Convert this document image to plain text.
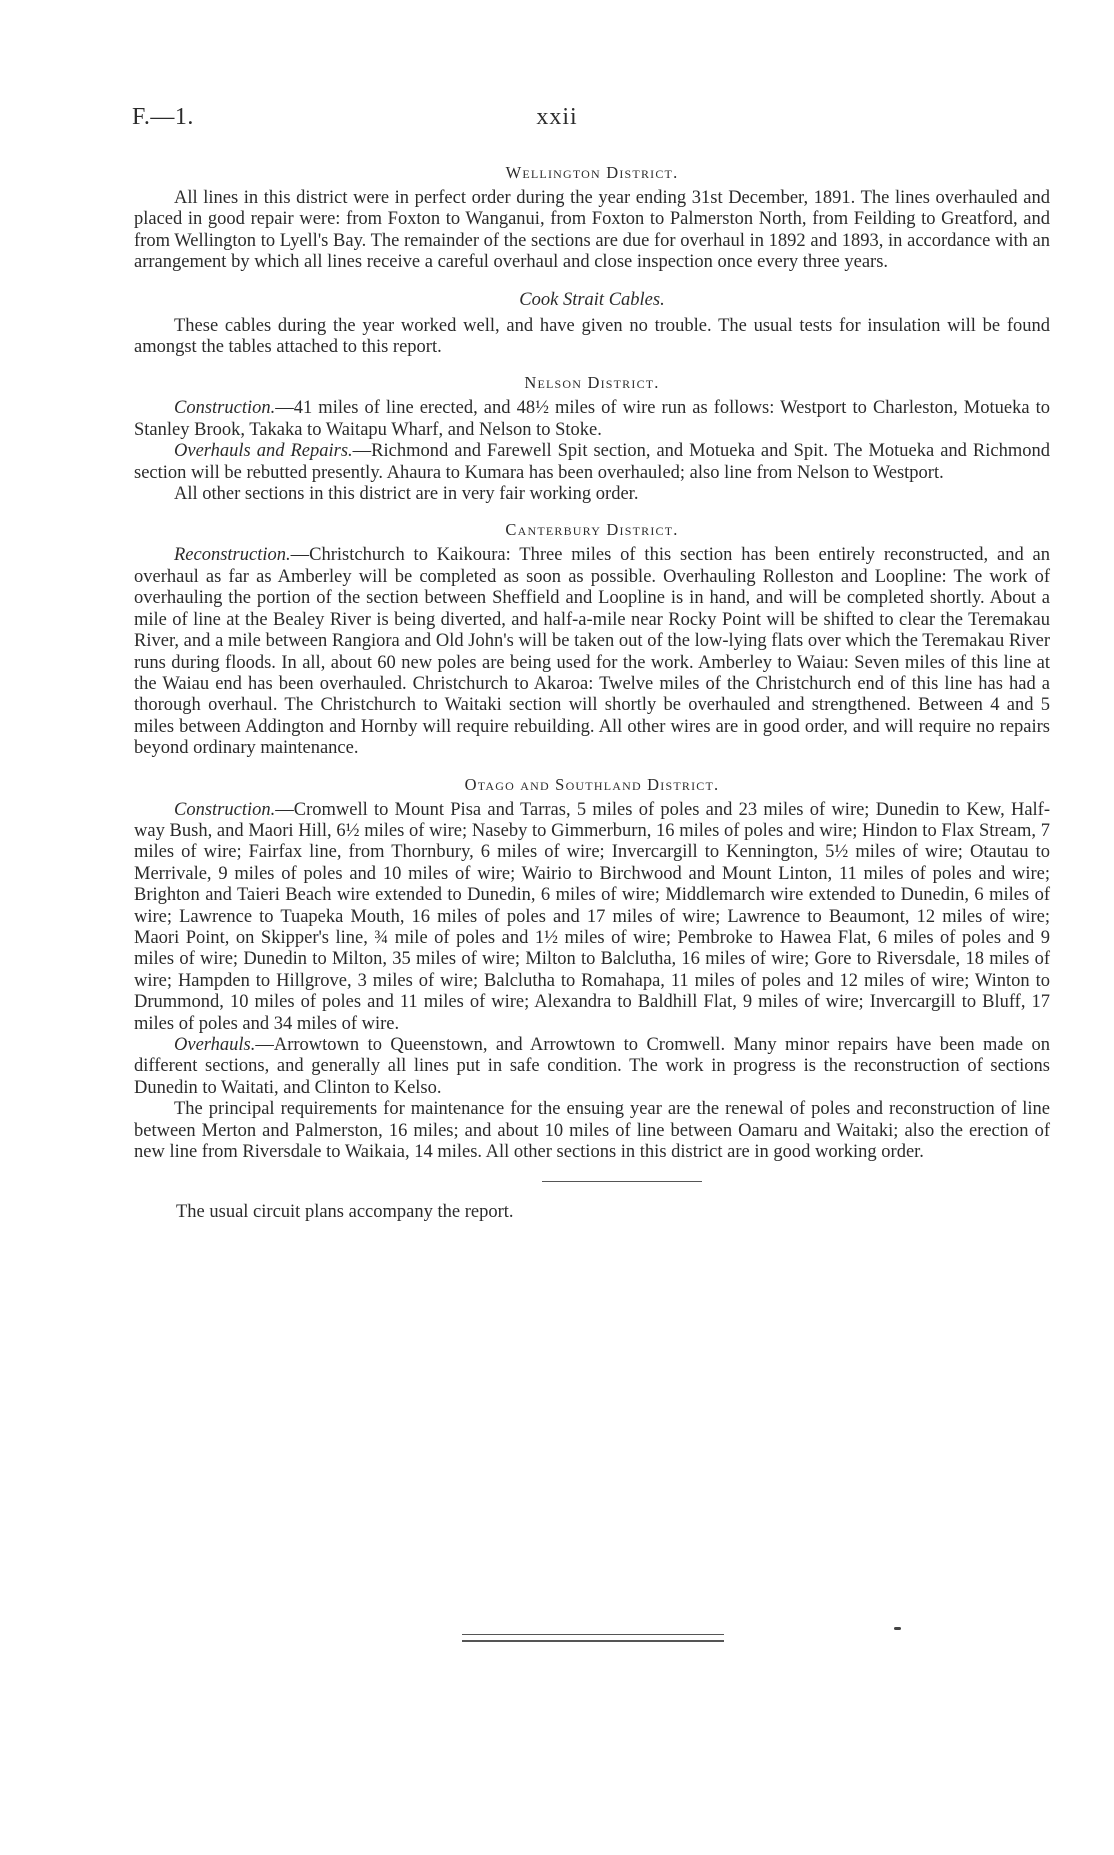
F.—1.	xxii
Wellington District.

All lines in this district were in perfect order during the year ending 31st December, 1891. The lines overhauled and placed in good repair were: from Foxton to Wanganui, from Foxton to Palmerston North, from Feilding to Greatford, and from Wellington to Lyell's Bay. The remainder of the sections are due for overhaul in 1892 and 1893, in accordance with an arrangement by which all lines receive a careful overhaul and close inspection once every three years.

Cook Strait Cables.

These cables during the year worked well, and have given no trouble. The usual tests for insulation will be found amongst the tables attached to this report.

Nelson District.

Construction.—41 miles of line erected, and 48½ miles of wire run as follows: Westport to Charleston, Motueka to Stanley Brook, Takaka to Waitapu Wharf, and Nelson to Stoke.

Overhauls and Repairs.—Richmond and Farewell Spit section, and Motueka and Spit. The Motueka and Richmond section will be rebutted presently. Ahaura to Kumara has been overhauled; also line from Nelson to Westport.

All other sections in this district are in very fair working order.

Canterbury District.

Reconstruction.—Christchurch to Kaikoura: Three miles of this section has been entirely reconstructed, and an overhaul as far as Amberley will be completed as soon as possible. Overhauling Rolleston and Loopline: The work of overhauling the portion of the section between Sheffield and Loopline is in hand, and will be completed shortly. About a mile of line at the Bealey River is being diverted, and half-a-mile near Rocky Point will be shifted to clear the Teremakau River, and a mile between Rangiora and Old John's will be taken out of the low-lying flats over which the Teremakau River runs during floods. In all, about 60 new poles are being used for the work. Amberley to Waiau: Seven miles of this line at the Waiau end has been overhauled. Christchurch to Akaroa: Twelve miles of the Christchurch end of this line has had a thorough overhaul. The Christchurch to Waitaki section will shortly be overhauled and strengthened. Between 4 and 5 miles between Addington and Hornby will require rebuilding. All other wires are in good order, and will require no repairs beyond ordinary maintenance.

Otago and Southland District.

Construction.—Cromwell to Mount Pisa and Tarras, 5 miles of poles and 23 miles of wire; Dunedin to Kew, Half-way Bush, and Maori Hill, 6½ miles of wire; Naseby to Gimmerburn, 16 miles of poles and wire; Hindon to Flax Stream, 7 miles of wire; Fairfax line, from Thornbury, 6 miles of wire; Invercargill to Kennington, 5½ miles of wire; Otautau to Merrivale, 9 miles of poles and 10 miles of wire; Wairio to Birchwood and Mount Linton, 11 miles of poles and wire; Brighton and Taieri Beach wire extended to Dunedin, 6 miles of wire; Middlemarch wire extended to Dunedin, 6 miles of wire; Lawrence to Tuapeka Mouth, 16 miles of poles and 17 miles of wire; Lawrence to Beaumont, 12 miles of wire; Maori Point, on Skipper's line, ¾ mile of poles and 1½ miles of wire; Pembroke to Hawea Flat, 6 miles of poles and 9 miles of wire; Dunedin to Milton, 35 miles of wire; Milton to Balclutha, 16 miles of wire; Gore to Riversdale, 18 miles of wire; Hampden to Hillgrove, 3 miles of wire; Balclutha to Romahapa, 11 miles of poles and 12 miles of wire; Winton to Drummond, 10 miles of poles and 11 miles of wire; Alexandra to Baldhill Flat, 9 miles of wire; Invercargill to Bluff, 17 miles of poles and 34 miles of wire.

Overhauls.—Arrowtown to Queenstown, and Arrowtown to Cromwell. Many minor repairs have been made on different sections, and generally all lines put in safe condition. The work in progress is the reconstruction of sections Dunedin to Waitati, and Clinton to Kelso.

The principal requirements for maintenance for the ensuing year are the renewal of poles and reconstruction of line between Merton and Palmerston, 16 miles; and about 10 miles of line between Oamaru and Waitaki; also the erection of new line from Riversdale to Waikaia, 14 miles. All other sections in this district are in good working order.

The usual circuit plans accompany the report.
